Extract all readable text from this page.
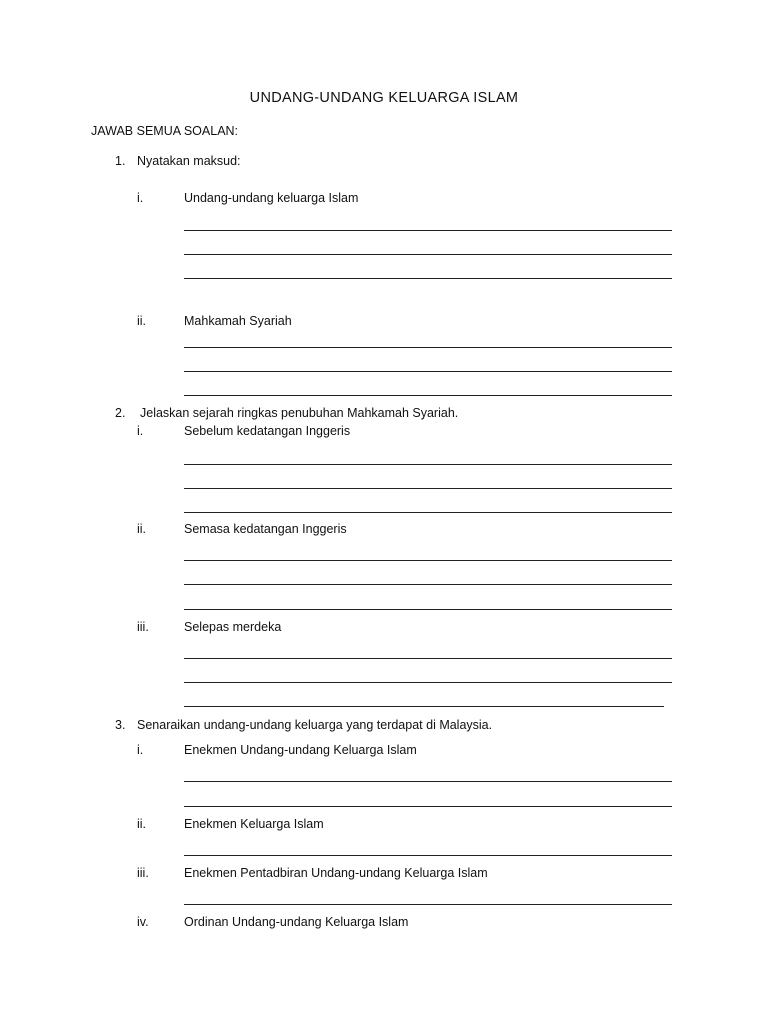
UNDANG-UNDANG KELUARGA ISLAM
JAWAB SEMUA SOALAN:
1. Nyatakan maksud:
i.	Undang-undang keluarga Islam
ii.	Mahkamah Syariah
2. Jelaskan sejarah ringkas penubuhan Mahkamah Syariah.
i.	Sebelum kedatangan Inggeris
ii.	Semasa kedatangan Inggeris
iii.	Selepas merdeka
3. Senaraikan undang-undang keluarga yang terdapat di Malaysia.
i.	Enekmen Undang-undang Keluarga Islam
ii.	Enekmen Keluarga Islam
iii.	Enekmen Pentadbiran Undang-undang Keluarga Islam
iv.	Ordinan Undang-undang Keluarga Islam
